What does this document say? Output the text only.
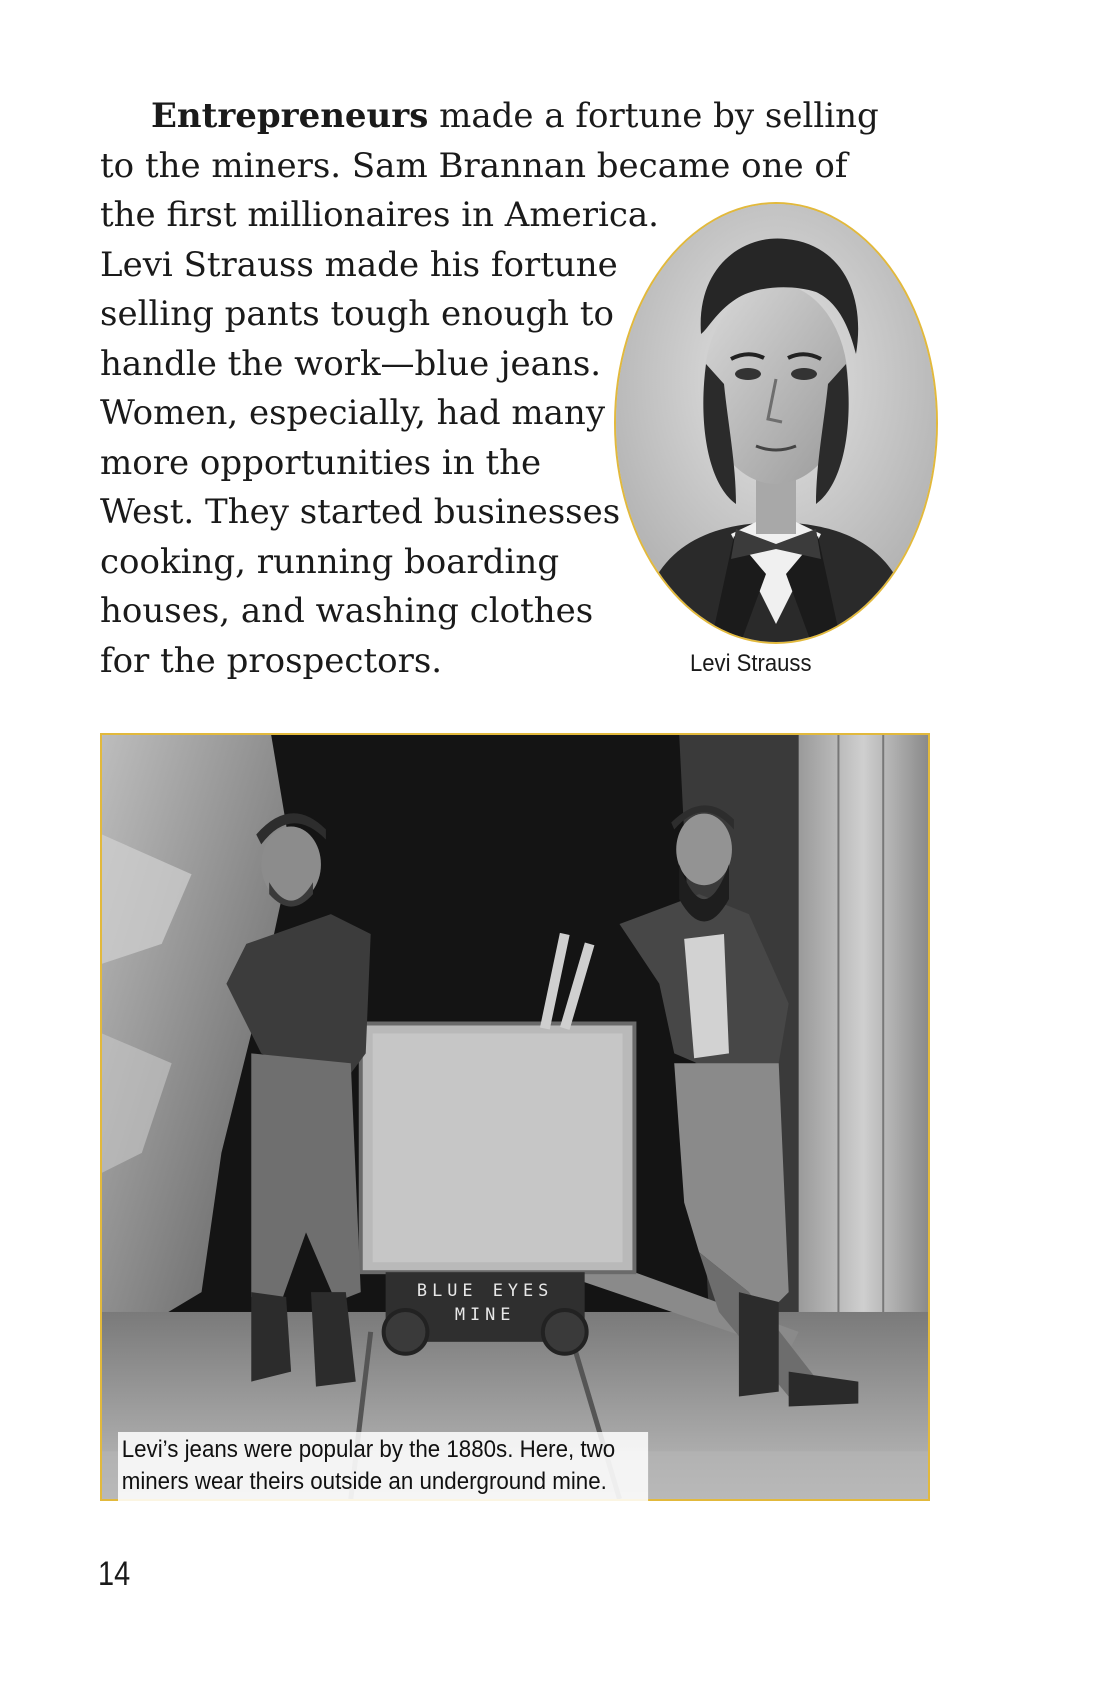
Entrepreneurs made a fortune by selling
to the miners. Sam Brannan became one of
the first millionaires in America.
Levi Strauss made his fortune
selling pants tough enough to
handle the work—blue jeans.
Women, especially, had many
more opportunities in the
West. They started businesses
cooking, running boarding
houses, and washing clothes
for the prospectors.	Levi Strauss
BLUE EYES
MINE
Levi’s jeans were popular by the 1880s. Here, two
miners wear theirs outside an underground mine.
14
